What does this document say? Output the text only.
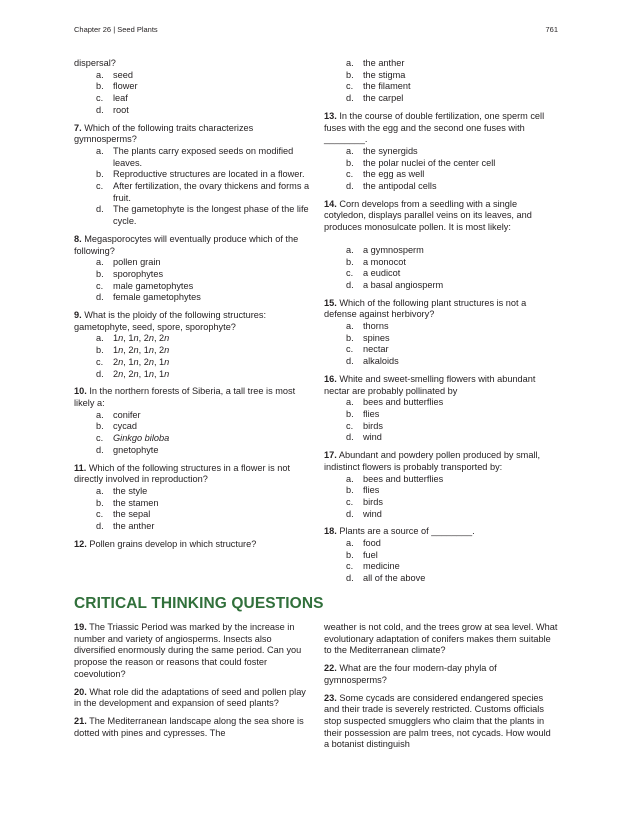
Chapter 26 | Seed Plants	761
dispersal?
a.	seed
b.	flower
c.	leaf
d.	root
7. Which of the following traits characterizes gymnosperms?
a.	The plants carry exposed seeds on modified leaves.
b.	Reproductive structures are located in a flower.
c.	After fertilization, the ovary thickens and forms a fruit.
d.	The gametophyte is the longest phase of the life cycle.
8. Megasporocytes will eventually produce which of the following?
a.	pollen grain
b.	sporophytes
c.	male gametophytes
d.	female gametophytes
9. What is the ploidy of the following structures: gametophyte, seed, spore, sporophyte?
a.	1n, 1n, 2n, 2n
b.	1n, 2n, 1n, 2n
c.	2n, 1n, 2n, 1n
d.	2n, 2n, 1n, 1n
10. In the northern forests of Siberia, a tall tree is most likely a:
a.	conifer
b.	cycad
c.	Ginkgo biloba
d.	gnetophyte
11. Which of the following structures in a flower is not directly involved in reproduction?
a.	the style
b.	the stamen
c.	the sepal
d.	the anther
12. Pollen grains develop in which structure?
a.	the anther
b.	the stigma
c.	the filament
d.	the carpel
13. In the course of double fertilization, one sperm cell fuses with the egg and the second one fuses with ________.
a.	the synergids
b.	the polar nuclei of the center cell
c.	the egg as well
d.	the antipodal cells
14. Corn develops from a seedling with a single cotyledon, displays parallel veins on its leaves, and produces monosulcate pollen. It is most likely:
a.	a gymnosperm
b.	a monocot
c.	a eudicot
d.	a basal angiosperm
15. Which of the following plant structures is not a defense against herbivory?
a.	thorns
b.	spines
c.	nectar
d.	alkaloids
16. White and sweet-smelling flowers with abundant nectar are probably pollinated by
a.	bees and butterflies
b.	flies
c.	birds
d.	wind
17. Abundant and powdery pollen produced by small, indistinct flowers is probably transported by:
a.	bees and butterflies
b.	flies
c.	birds
d.	wind
18. Plants are a source of ________.
a.	food
b.	fuel
c.	medicine
d.	all of the above
CRITICAL THINKING QUESTIONS

19. The Triassic Period was marked by the increase in number and variety of angiosperms. Insects also diversified enormously during the same period. Can you propose the reason or reasons that could foster coevolution?

20. What role did the adaptations of seed and pollen play in the development and expansion of seed plants?

21. The Mediterranean landscape along the sea shore is dotted with pines and cypresses. The

weather is not cold, and the trees grow at sea level. What evolutionary adaptation of conifers makes them suitable to the Mediterranean climate?

22. What are the four modern-day phyla of gymnosperms?

23. Some cycads are considered endangered species and their trade is severely restricted. Customs officials stop suspected smugglers who claim that the plants in their possession are palm trees, not cycads. How would a botanist distinguish
